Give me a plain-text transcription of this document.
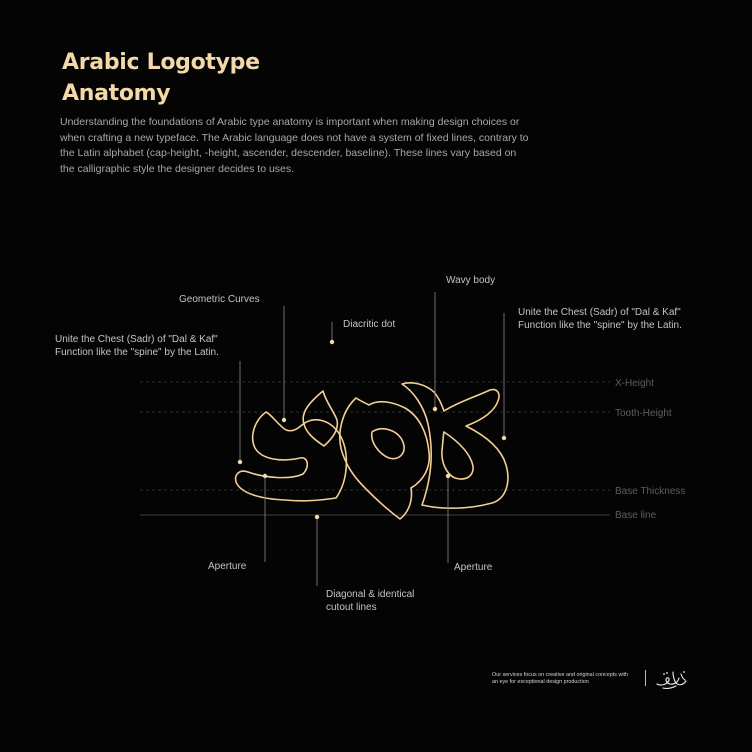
Arabic Logotype
Anatomy

Understanding the foundations of Arabic type anatomy is important when making design choices or when crafting a new typeface. The Arabic language does not have a system of fixed lines, contrary to the Latin alphabet (cap-height, -height, ascender, descender, baseline). These lines vary based on the calligraphic style the designer decides to uses.

Geometric Curves
Diacritic dot
Wavy body
Unite the Chest (Sadr) of "Dal & Kaf"
Function like the "spine" by the Latin.
Unite the Chest (Sadr) of "Dal & Kaf"
Function like the "spine" by the Latin.
Aperture	Aperture
Diagonal & identical
cutout lines
X-Height
Tooth-Height
Base Thickness
Base line
Our services focus on creative and original concepts with
an eye for exceptional design production
